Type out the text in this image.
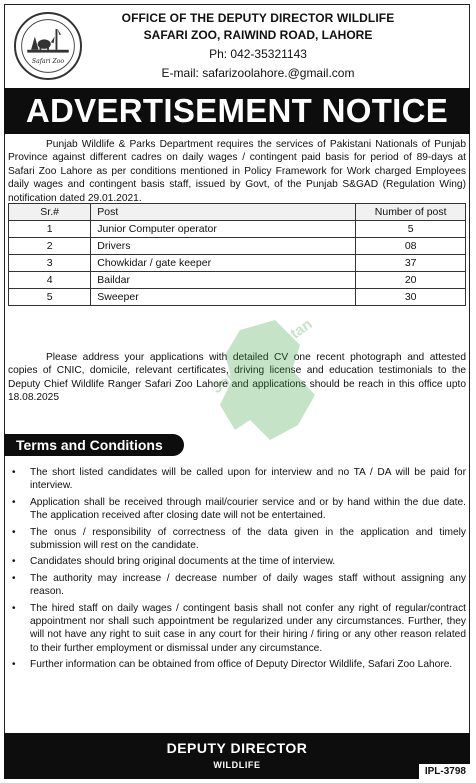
Safari Zoo
OFFICE OF THE DEPUTY DIRECTOR WILDLIFE
SAFARI ZOO, RAIWIND ROAD, LAHORE
Ph: 042-35321143
E-mail: safarizoolahore.@gmail.com
ADVERTISEMENT NOTICE
Punjab Wildlife & Parks Department requires the services of Pakistani Nationals of Punjab Province against different cadres on daily wages / contingent paid basis for period of 89-days at Safari Zoo Lahore as per conditions mentioned in Policy Framework for Work charged Employees daily wages and contingent basis staff, issued by Govt, of the Punjab S&GAD (Regulation Wing) notification dated 29.01.2021.
Sr.#	Post	Number of post
1	Junior Computer operator	5
2	Drivers	08
3	Chowkidar / gate keeper	37
4	Baildar	20
5	Sweeper	30
Please address your applications with detailed CV one recent photograph and attested copies of CNIC, domicile, relevant certificates, driving license and education testimonials to the Deputy Chief Wildlife Ranger Safari Zoo Lahore and applications should be reach in this office upto 18.08.2025
Terms and Conditions
• The short listed candidates will be called upon for interview and no TA / DA will be paid for interview.
• Application shall be received through mail/courier service and or by hand within the due date. The application received after closing date will not be entertained.
• The onus / responsibility of correctness of the data given in the application and timely submission will rest on the candidate.
• Candidates should bring original documents at the time of interview.
• The authority may increase / decrease number of daily wages staff without assigning any reason.
• The hired staff on daily wages / contingent basis shall not confer any right of regular/contract appointment nor shall such appointment be regularized under any circumstances. Further, they will not have any right to suit case in any court for their hiring / firing or any other reason related to their further employment or dismissal under any circumstance.
• Further information can be obtained from office of Deputy Director Wildlife, Safari Zoo Lahore.
Jobz.in Pakistan
DEPUTY DIRECTOR
WILDLIFE
IPL-3798
